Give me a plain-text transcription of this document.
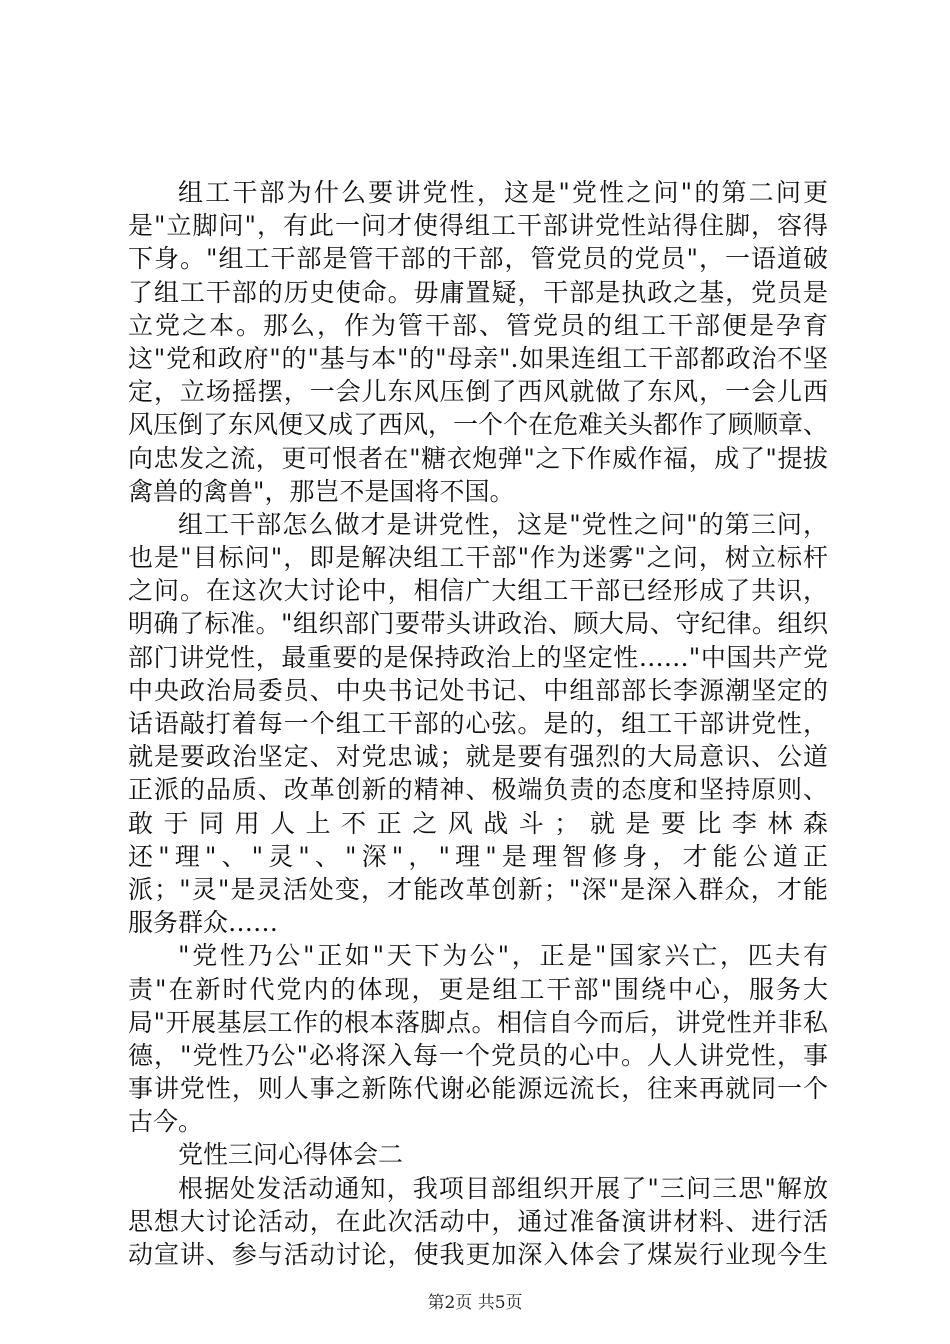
组工干部为什么要讲党性，这是"党性之问"的第二问更
是"立脚问"，有此一问才使得组工干部讲党性站得住脚，容得
下身。"组工干部是管干部的干部，管党员的党员"，一语道破
了组工干部的历史使命。毋庸置疑，干部是执政之基，党员是
立党之本。那么，作为管干部、管党员的组工干部便是孕育
这"党和政府"的"基与本"的"母亲".如果连组工干部都政治不坚
定，立场摇摆，一会儿东风压倒了西风就做了东风，一会儿西
风压倒了东风便又成了西风，一个个在危难关头都作了顾顺章、
向忠发之流，更可恨者在"糖衣炮弹"之下作威作福，成了"提拔
禽兽的禽兽"，那岂不是国将不国。
组工干部怎么做才是讲党性，这是"党性之问"的第三问，
也是"目标问"，即是解决组工干部"作为迷雾"之问，树立标杆
之问。在这次大讨论中，相信广大组工干部已经形成了共识，
明确了标准。"组织部门要带头讲政治、顾大局、守纪律。组织
部门讲党性，最重要的是保持政治上的坚定性……"中国共产党
中央政治局委员、中央书记处书记、中组部部长李源潮坚定的
话语敲打着每一个组工干部的心弦。是的，组工干部讲党性，
就是要政治坚定、对党忠诚；就是要有强烈的大局意识、公道
正派的品质、改革创新的精神、极端负责的态度和坚持原则、
敢于同用人上不正之风战斗；就是要比李林森
还"理"、"灵"、"深"，"理"是理智修身，才能公道正
派；"灵"是灵活处变，才能改革创新；"深"是深入群众，才能
服务群众……
"党性乃公"正如"天下为公"，正是"国家兴亡，匹夫有
责"在新时代党内的体现，更是组工干部"围绕中心，服务大
局"开展基层工作的根本落脚点。相信自今而后，讲党性并非私
德，"党性乃公"必将深入每一个党员的心中。人人讲党性，事
事讲党性，则人事之新陈代谢必能源远流长，往来再就同一个
古今。
党性三问心得体会二
根据处发活动通知，我项目部组织开展了"三问三思"解放
思想大讨论活动，在此次活动中，通过准备演讲材料、进行活
动宣讲、参与活动讨论，使我更加深入体会了煤炭行业现今生
第2页 共5页
